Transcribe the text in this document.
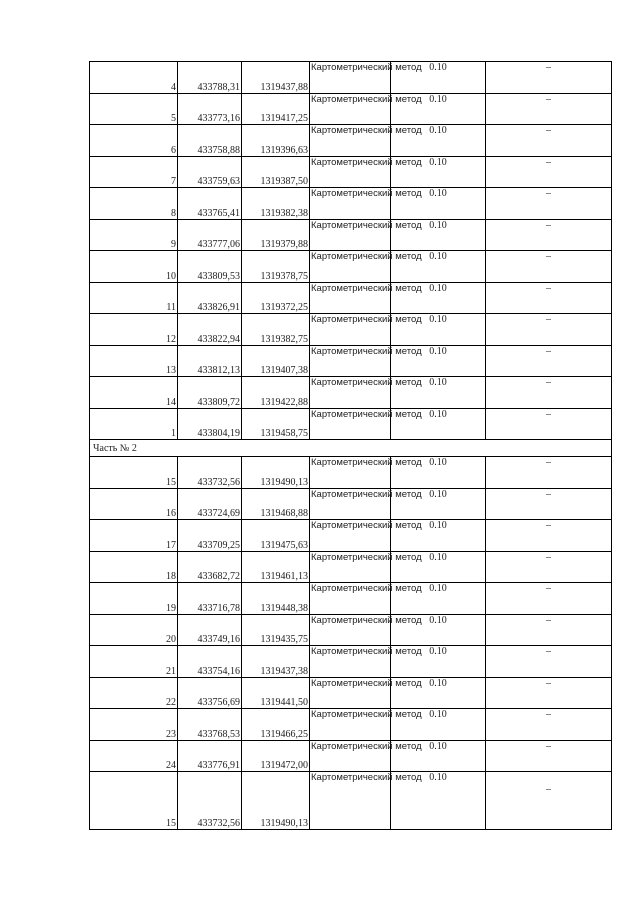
4	433788,31	1319437,88	Картометрический метод	0.10	–
5	433773,16	1319417,25	Картометрический метод	0.10	–
6	433758,88	1319396,63	Картометрический метод	0.10	–
7	433759,63	1319387,50	Картометрический метод	0.10	–
8	433765,41	1319382,38	Картометрический метод	0.10	–
9	433777,06	1319379,88	Картометрический метод	0.10	–
10	433809,53	1319378,75	Картометрический метод	0.10	–
11	433826,91	1319372,25	Картометрический метод	0.10	–
12	433822,94	1319382,75	Картометрический метод	0.10	–
13	433812,13	1319407,38	Картометрический метод	0.10	–
14	433809,72	1319422,88	Картометрический метод	0.10	–
1	433804,19	1319458,75	Картометрический метод	0.10	–
Часть № 2					
15	433732,56	1319490,13	Картометрический метод	0.10	–
16	433724,69	1319468,88	Картометрический метод	0.10	–
17	433709,25	1319475,63	Картометрический метод	0.10	–
18	433682,72	1319461,13	Картометрический метод	0.10	–
19	433716,78	1319448,38	Картометрический метод	0.10	–
20	433749,16	1319435,75	Картометрический метод	0.10	–
21	433754,16	1319437,38	Картометрический метод	0.10	–
22	433756,69	1319441,50	Картометрический метод	0.10	–
23	433768,53	1319466,25	Картометрический метод	0.10	–
24	433776,91	1319472,00	Картометрический метод	0.10	–
15	433732,56	1319490,13	Картометрический метод	0.10	–
